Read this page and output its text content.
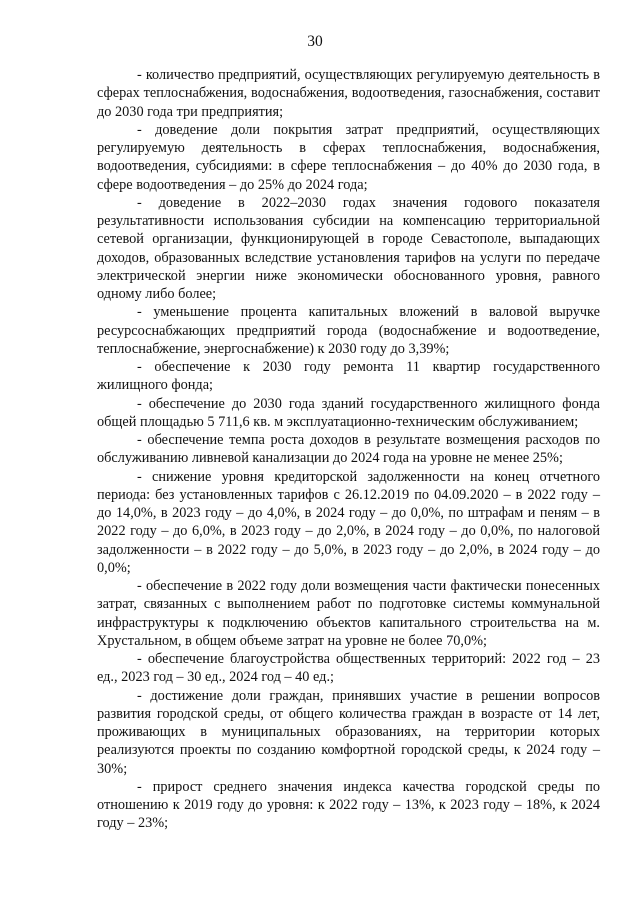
30

- количество предприятий, осуществляющих регулируемую деятельность в сферах теплоснабжения, водоснабжения, водоотведения, газоснабжения, составит до 2030 года три предприятия;

- доведение доли покрытия затрат предприятий, осуществляющих регулируемую деятельность в сферах теплоснабжения, водоснабжения, водоотведения, субсидиями: в сфере теплоснабжения – до 40% до 2030 года, в сфере водоотведения – до 25% до 2024 года;

- доведение в 2022–2030 годах значения годового показателя результативности использования субсидии на компенсацию территориальной сетевой организации, функционирующей в городе Севастополе, выпадающих доходов, образованных вследствие установления тарифов на услуги по передаче электрической энергии ниже экономически обоснованного уровня, равного одному либо более;

- уменьшение процента капитальных вложений в валовой выручке ресурсоснабжающих предприятий города (водоснабжение и водоотведение, теплоснабжение, энергоснабжение) к 2030 году до 3,39%;

- обеспечение к 2030 году ремонта 11 квартир государственного жилищного фонда;

- обеспечение до 2030 года зданий государственного жилищного фонда общей площадью 5 711,6 кв. м эксплуатационно-техническим обслуживанием;

- обеспечение темпа роста доходов в результате возмещения расходов по обслуживанию ливневой канализации до 2024 года на уровне не менее 25%;

- снижение уровня кредиторской задолженности на конец отчетного периода: без установленных тарифов с 26.12.2019 по 04.09.2020 – в 2022 году – до 14,0%, в 2023 году – до 4,0%, в 2024 году – до 0,0%, по штрафам и пеням – в 2022 году – до 6,0%, в 2023 году – до 2,0%, в 2024 году – до 0,0%, по налоговой задолженности – в 2022 году – до 5,0%, в 2023 году – до 2,0%, в 2024 году – до 0,0%;

- обеспечение в 2022 году доли возмещения части фактически понесенных затрат, связанных с выполнением работ по подготовке системы коммунальной инфраструктуры к подключению объектов капитального строительства на м. Хрустальном, в общем объеме затрат на уровне не более 70,0%;

- обеспечение благоустройства общественных территорий: 2022 год – 23 ед., 2023 год – 30 ед., 2024 год – 40 ед.;

- достижение доли граждан, принявших участие в решении вопросов развития городской среды, от общего количества граждан в возрасте от 14 лет, проживающих в муниципальных образованиях, на территории которых реализуются проекты по созданию комфортной городской среды, к 2024 году – 30%;

- прирост среднего значения индекса качества городской среды по отношению к 2019 году до уровня: к 2022 году – 13%, к 2023 году – 18%, к 2024 году – 23%;
